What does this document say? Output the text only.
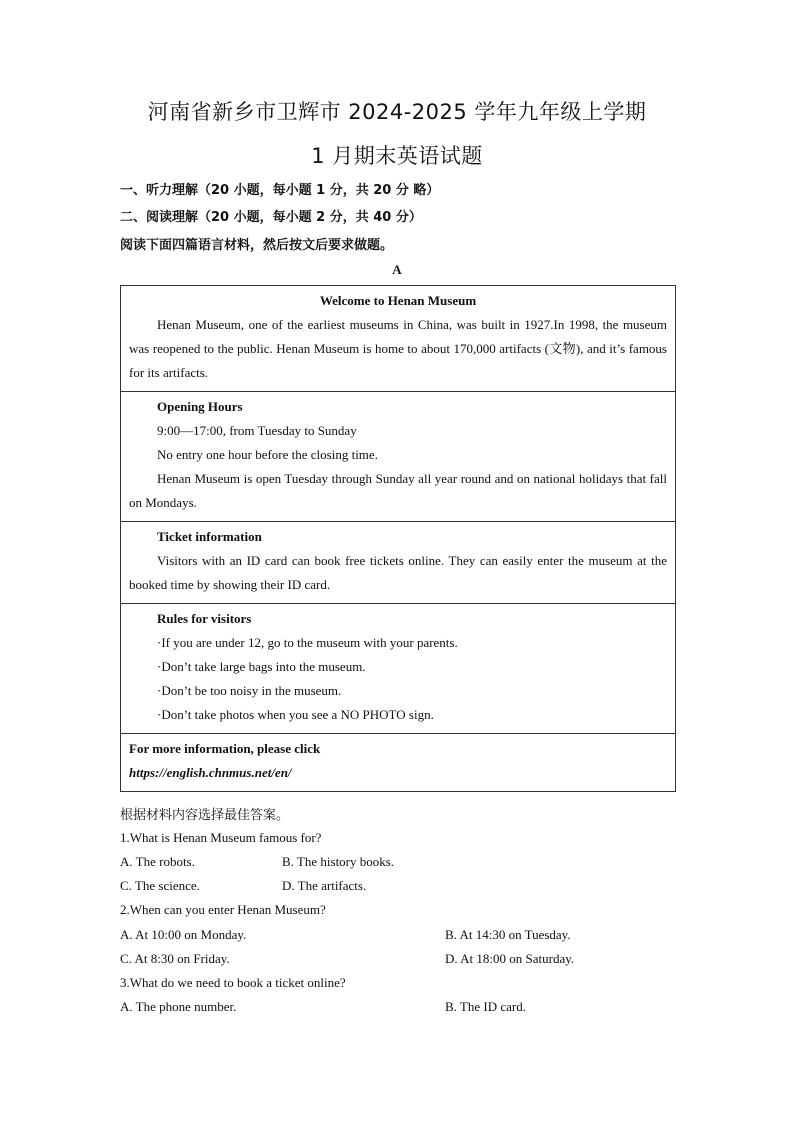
河南省新乡市卫辉市 2024-2025 学年九年级上学期
1 月期末英语试题
一、听力理解（20 小题，每小题 1 分，共 20 分 略）
二、阅读理解（20 小题，每小题 2 分，共 40 分）
阅读下面四篇语言材料，然后按文后要求做题。
A
Welcome to Henan Museum
Henan Museum, one of the earliest museums in China, was built in 1927.In 1998, the museum was reopened to the public. Henan Museum is home to about 170,000 artifacts (文物), and it’s famous for its artifacts.
Opening Hours
9:00—17:00, from Tuesday to Sunday
No entry one hour before the closing time.
Henan Museum is open Tuesday through Sunday all year round and on national holidays that fall on Mondays.
Ticket information
Visitors with an ID card can book free tickets online. They can easily enter the museum at the booked time by showing their ID card.
Rules for visitors
·If you are under 12, go to the museum with your parents.
·Don’t take large bags into the museum.
·Don’t be too noisy in the museum.
·Don’t take photos when you see a NO PHOTO sign.
For more information, please click
https://english.chnmus.net/en/
根据材料内容选择最佳答案。
1.What is Henan Museum famous for?
A. The robots.	B. The history books.
C. The science.	D. The artifacts.
2.When can you enter Henan Museum?
A. At 10:00 on Monday.	B. At 14:30 on Tuesday.
C. At 8:30 on Friday.	D. At 18:00 on Saturday.
3.What do we need to book a ticket online?
A. The phone number.	B. The ID card.
